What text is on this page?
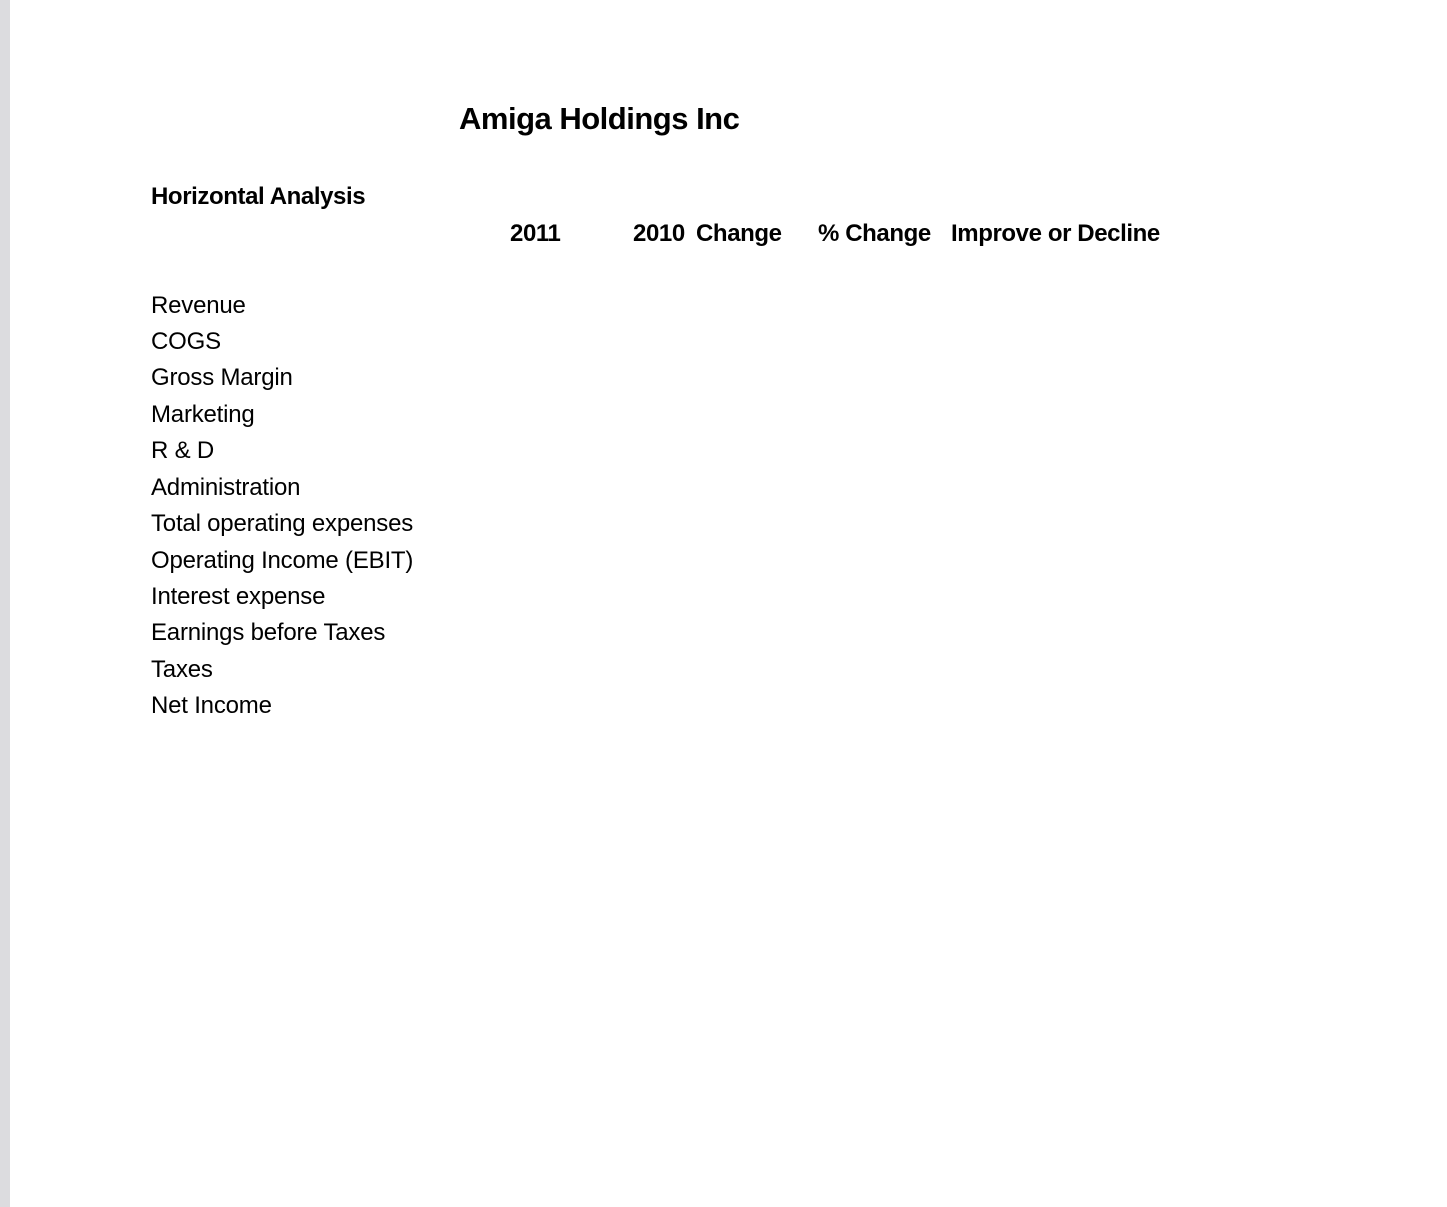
Amiga Holdings Inc
Horizontal Analysis
2011	2010 Change % Change Improve or Decline
Revenue
COGS
Gross Margin
Marketing
R & D
Administration
Total operating expenses
Operating Income (EBIT)
Interest expense
Earnings before Taxes
Taxes
Net Income
